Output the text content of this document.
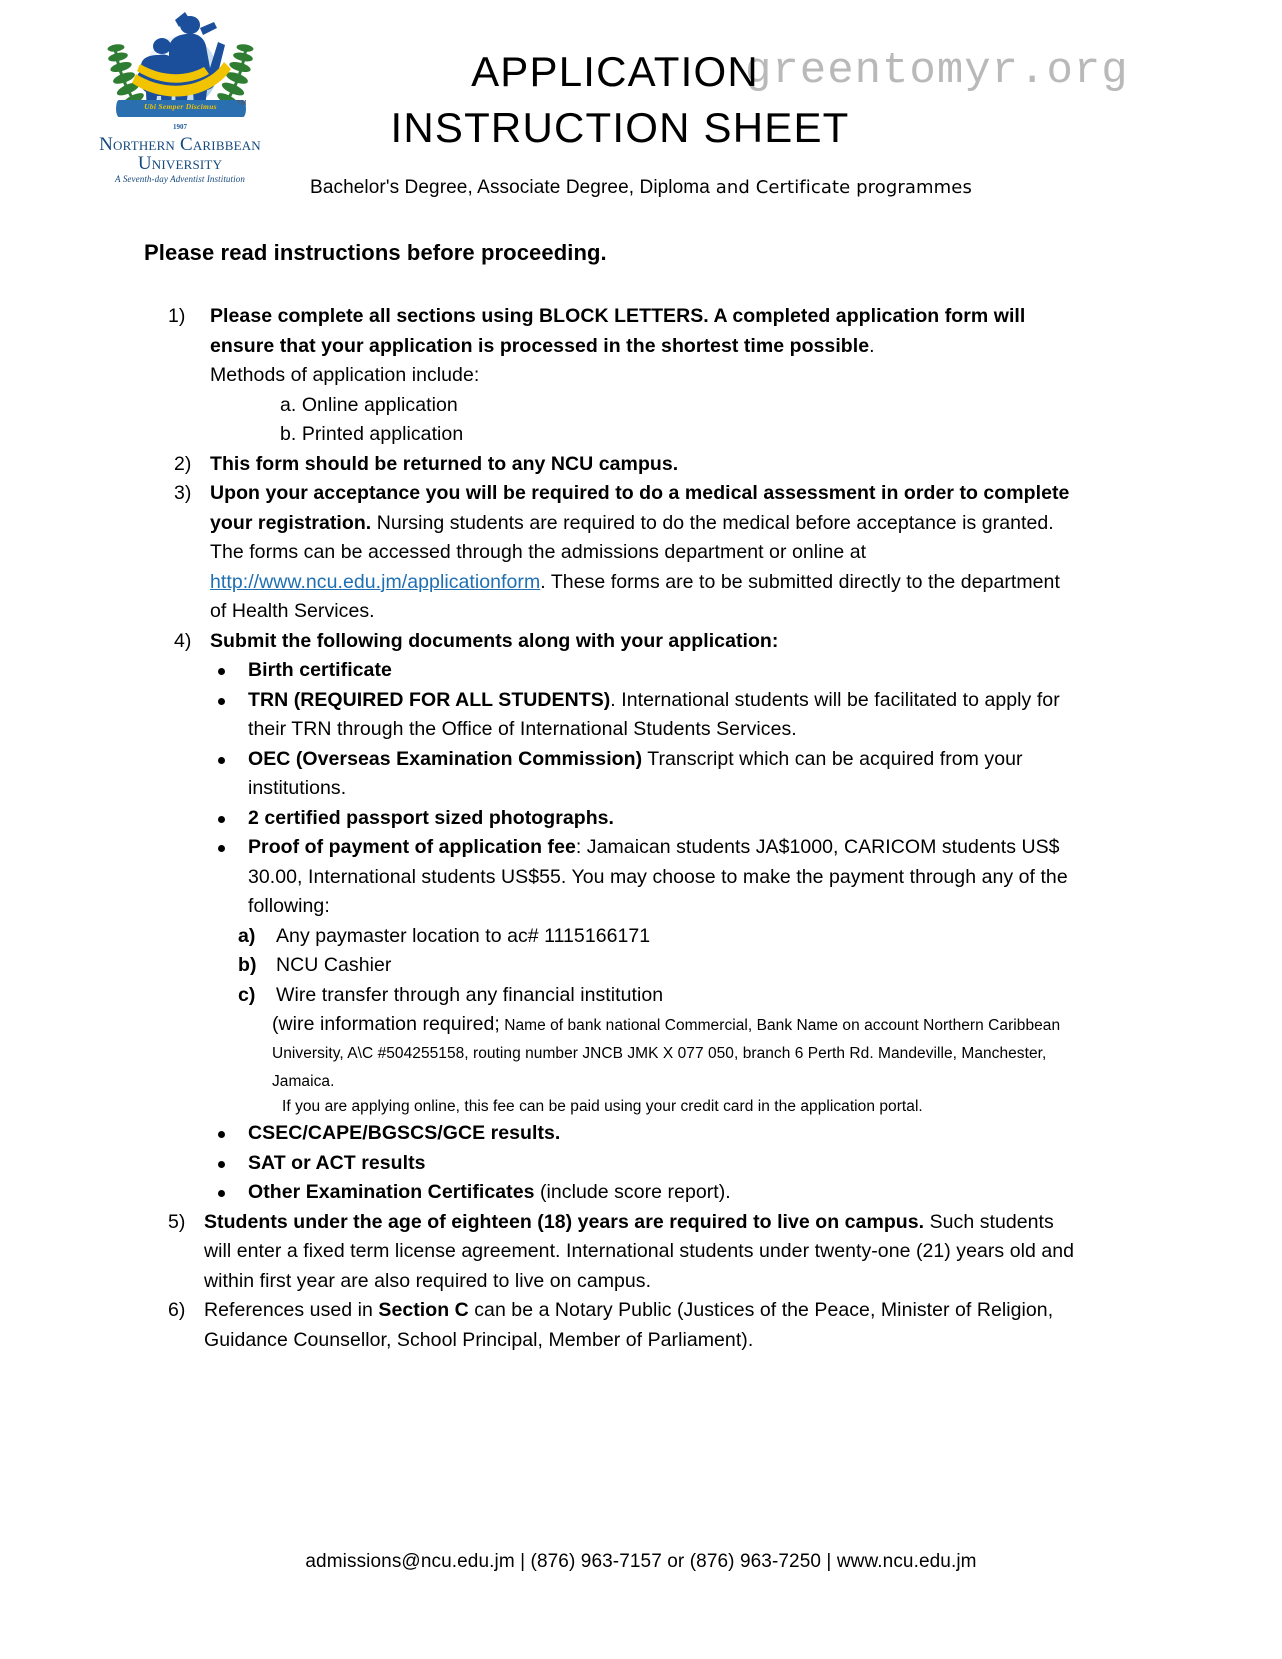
Ubi Semper Discimus
1907
TM
Northern Caribbean
University
A Seventh-day Adventist Institution
greentomyr.org
APPLICATION
INSTRUCTION SHEET
Bachelor's Degree, Associate Degree, Diploma and Certificate programmes
Please read instructions before proceeding.
1)	Please complete all sections using BLOCK LETTERS. A completed application form will ensure that your application is processed in the shortest time possible.
Methods of application include:
a. Online application
b. Printed application
2) This form should be returned to any NCU campus.
3) Upon your acceptance you will be required to do a medical assessment in order to complete your registration. Nursing students are required to do the medical before acceptance is granted. The forms can be accessed through the admissions department or online at http://www.ncu.edu.jm/applicationform. These forms are to be submitted directly to the department of Health Services.
4) Submit the following documents along with your application:
Birth certificate
TRN (REQUIRED FOR ALL STUDENTS). International students will be facilitated to apply for their TRN through the Office of International Students Services.
OEC (Overseas Examination Commission) Transcript which can be acquired from your institutions.
2 certified passport sized photographs.
Proof of payment of application fee: Jamaican students JA$1000, CARICOM students US$ 30.00, International students US$55. You may choose to make the payment through any of the following:
a) Any paymaster location to ac# 1115166171
b) NCU Cashier
c) Wire transfer through any financial institution
(wire information required; Name of bank national Commercial, Bank Name on account Northern Caribbean University, A\C #504255158, routing number JNCB JMK X 077 050, branch 6 Perth Rd. Mandeville, Manchester, Jamaica.
If you are applying online, this fee can be paid using your credit card in the application portal.
CSEC/CAPE/BGSCS/GCE results.
SAT or ACT results
Other Examination Certificates (include score report).
5) Students under the age of eighteen (18) years are required to live on campus. Such students will enter a fixed term license agreement. International students under twenty-one (21) years old and within first year are also required to live on campus.
6) References used in Section C can be a Notary Public (Justices of the Peace, Minister of Religion, Guidance Counsellor, School Principal, Member of Parliament).
admissions@ncu.edu.jm | (876) 963-7157 or (876) 963-7250 | www.ncu.edu.jm
